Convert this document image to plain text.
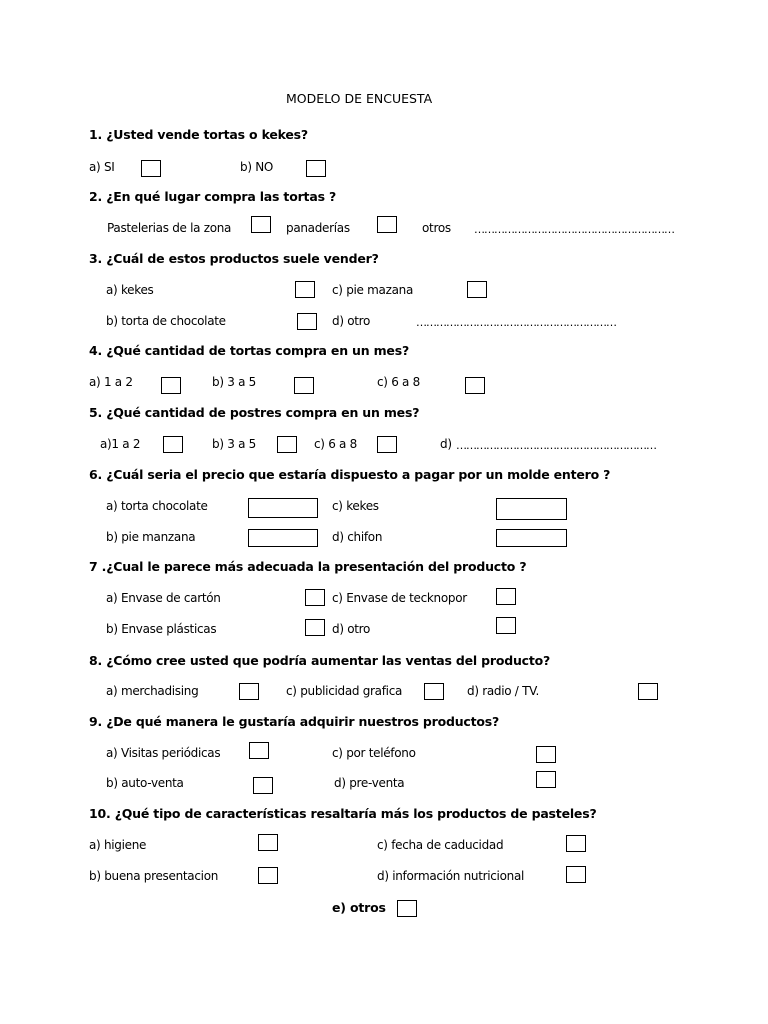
MODELO DE ENCUESTA
1. ¿Usted vende tortas o kekes?
a) SI	b) NO
2. ¿En qué lugar compra las tortas ?
Pastelerias de la zona	panaderías	otros ……………………………………………………
3. ¿Cuál de estos productos suele vender?
a) kekes	c) pie mazana
b) torta de chocolate	d) otro	……………………………………………………
4. ¿Qué cantidad de tortas compra en un mes?
a) 1 a 2	b) 3 a 5	c) 6 a 8
5. ¿Qué cantidad de postres compra en un mes?
a)1 a 2	b) 3 a 5	c) 6 a 8	d) ……………………………………………………
6. ¿Cuál seria el precio que estaría dispuesto a pagar por un molde entero ?
a) torta chocolate	c) kekes
b) pie manzana	d) chifon
7 .¿Cual le parece más adecuada la presentación del producto ?
a) Envase de cartón	c) Envase de tecknopor
b) Envase plásticas	d) otro
8. ¿Cómo cree usted que podría aumentar las ventas del producto?
a) merchadising	c) publicidad grafica	d) radio / TV.
9. ¿De qué manera le gustaría adquirir nuestros productos?
a) Visitas periódicas	c) por teléfono
b) auto-venta	d) pre-venta
10. ¿Qué tipo de características resaltaría más los productos de pasteles?
a) higiene	c) fecha de caducidad
b) buena presentacion	d) información nutricional
e) otros
